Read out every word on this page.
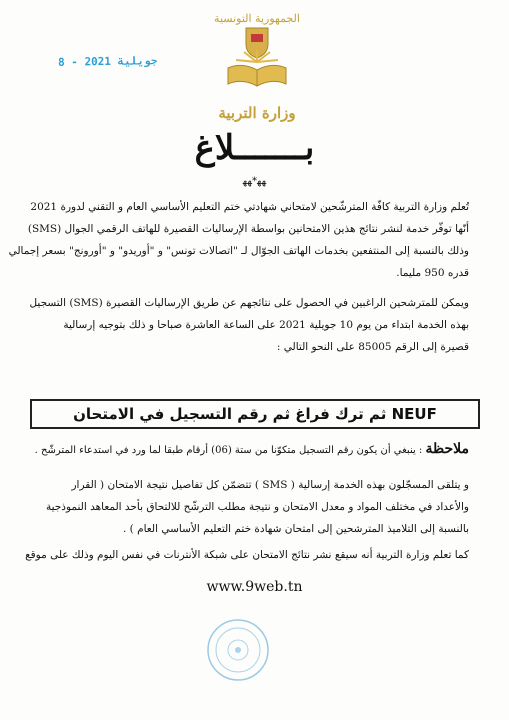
8 - جويلية 2021
الجمهورية التونسية
وزارة التربية
بـــــــلاغ
ﮭﮭ*ﮭﮭ
تُعلم وزارة التربية كافّة المترشّحين لامتحاني شهادتي ختم التعليم الأساسي العام و التقني لدورة 2021
أنّها توفّر خدمة لنشر نتائج هذين الامتحانين بواسطة الإرساليات القصيرة للهاتف الرقمي الجوال (SMS)
وذلك بالنسبة إلى المنتفعين بخدمات الهاتف الجوّال لـ "اتصالات تونس" و "أوريدو" و "أورونج" بسعر إجمالي
قدره 950 مليما.
ويمكن للمترشحين الراغبين في الحصول على نتائجهم عن طريق الإرساليات القصيرة (SMS) التسجيل
بهذه الخدمة ابتداء من يوم 10 جويلية 2021 على الساعة العاشرة صباحا و ذلك بتوجيه إرسالية
قصيرة إلى الرقم 85005 على النحو التالي :
NEUF ثم ترك فراغ ثم رقم التسجيل في الامتحان
ملاحظة : ينبغي أن يكون رقم التسجيل متكوّنا من ستة (06) أرقام طبقا لما ورد في استدعاء المترشّح .
و يتلقى المسجّلون بهذه الخدمة إرسالية ( SMS ) تتضمّن كل تفاصيل نتيجة الامتحان ( القرار
والأعداد في مختلف المواد و معدل الامتحان و نتيجة مطلب الترشّح للالتحاق بأحد المعاهد النموذجية
بالنسبة إلى التلاميذ المترشحين إلى امتحان شهادة ختم التعليم الأساسي العام ) .
كما تعلم وزارة التربية أنه سيقع نشر نتائج الامتحان على شبكة الأنترنات في نفس اليوم وذلك على موقع
www.9web.tn
